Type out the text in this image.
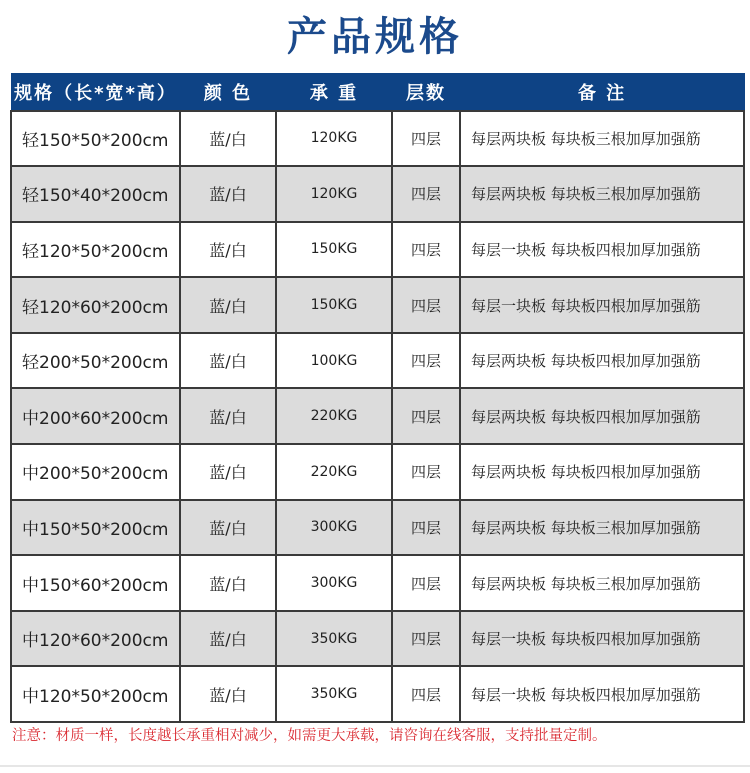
产品规格
规格（长*宽*高）	颜 色	承 重	层数	备 注
轻150*50*200cm	蓝/白	120KG	四层	每层两块板 每块板三根加厚加强筋
轻150*40*200cm	蓝/白	120KG	四层	每层两块板 每块板三根加厚加强筋
轻120*50*200cm	蓝/白	150KG	四层	每层一块板 每块板四根加厚加强筋
轻120*60*200cm	蓝/白	150KG	四层	每层一块板 每块板四根加厚加强筋
轻200*50*200cm	蓝/白	100KG	四层	每层两块板 每块板四根加厚加强筋
中200*60*200cm	蓝/白	220KG	四层	每层两块板 每块板四根加厚加强筋
中200*50*200cm	蓝/白	220KG	四层	每层两块板 每块板四根加厚加强筋
中150*50*200cm	蓝/白	300KG	四层	每层两块板 每块板三根加厚加强筋
中150*60*200cm	蓝/白	300KG	四层	每层两块板 每块板三根加厚加强筋
中120*60*200cm	蓝/白	350KG	四层	每层一块板 每块板四根加厚加强筋
中120*50*200cm	蓝/白	350KG	四层	每层一块板 每块板四根加厚加强筋
注意：材质一样，长度越长承重相对减少，如需更大承载，请咨询在线客服，支持批量定制。
